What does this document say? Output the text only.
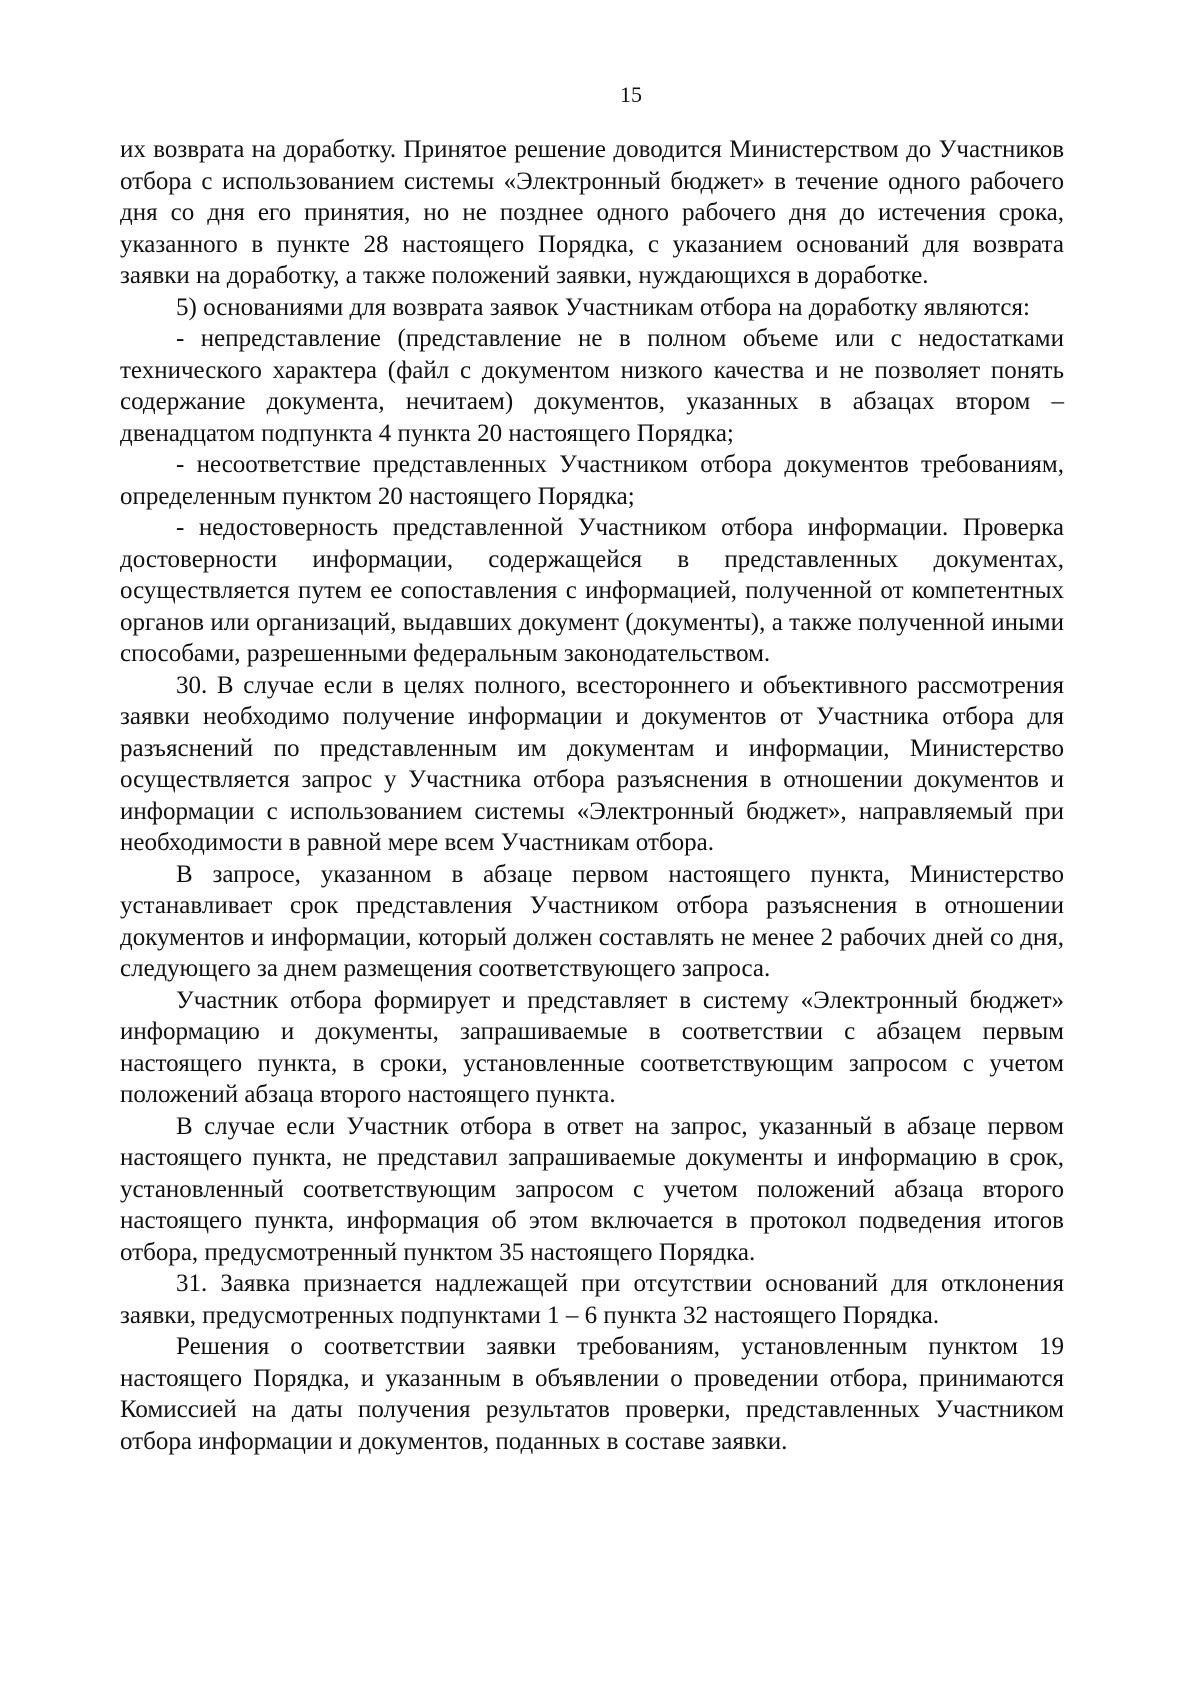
15

их возврата на доработку. Принятое решение доводится Министерством до Участников отбора с использованием системы «Электронный бюджет» в течение одного рабочего дня со дня его принятия, но не позднее одного рабочего дня до истечения срока, указанного в пункте 28 настоящего Порядка, с указанием оснований для возврата заявки на доработку, а также положений заявки, нуждающихся в доработке.

5) основаниями для возврата заявок Участникам отбора на доработку являются:

- непредставление (представление не в полном объеме или с недостатками технического характера (файл с документом низкого качества и не позволяет понять содержание документа, нечитаем) документов, указанных в абзацах втором – двенадцатом подпункта 4 пункта 20 настоящего Порядка;

- несоответствие представленных Участником отбора документов требованиям, определенным пунктом 20 настоящего Порядка;

- недостоверность представленной Участником отбора информации. Проверка достоверности информации, содержащейся в представленных документах, осуществляется путем ее сопоставления с информацией, полученной от компетентных органов или организаций, выдавших документ (документы), а также полученной иными способами, разрешенными федеральным законодательством.

30. В случае если в целях полного, всестороннего и объективного рассмотрения заявки необходимо получение информации и документов от Участника отбора для разъяснений по представленным им документам и информации, Министерство осуществляется запрос у Участника отбора разъяснения в отношении документов и информации с использованием системы «Электронный бюджет», направляемый при необходимости в равной мере всем Участникам отбора.

В запросе, указанном в абзаце первом настоящего пункта, Министерство устанавливает срок представления Участником отбора разъяснения в отношении документов и информации, который должен составлять не менее 2 рабочих дней со дня, следующего за днем размещения соответствующего запроса.

Участник отбора формирует и представляет в систему «Электронный бюджет» информацию и документы, запрашиваемые в соответствии с абзацем первым настоящего пункта, в сроки, установленные соответствующим запросом с учетом положений абзаца второго настоящего пункта.

В случае если Участник отбора в ответ на запрос, указанный в абзаце первом настоящего пункта, не представил запрашиваемые документы и информацию в срок, установленный соответствующим запросом с учетом положений абзаца второго настоящего пункта, информация об этом включается в протокол подведения итогов отбора, предусмотренный пунктом 35 настоящего Порядка.

31. Заявка признается надлежащей при отсутствии оснований для отклонения заявки, предусмотренных подпунктами 1 – 6 пункта 32 настоящего Порядка.

Решения о соответствии заявки требованиям, установленным пунктом 19 настоящего Порядка, и указанным в объявлении о проведении отбора, принимаются Комиссией на даты получения результатов проверки, представленных Участником отбора информации и документов, поданных в составе заявки.
